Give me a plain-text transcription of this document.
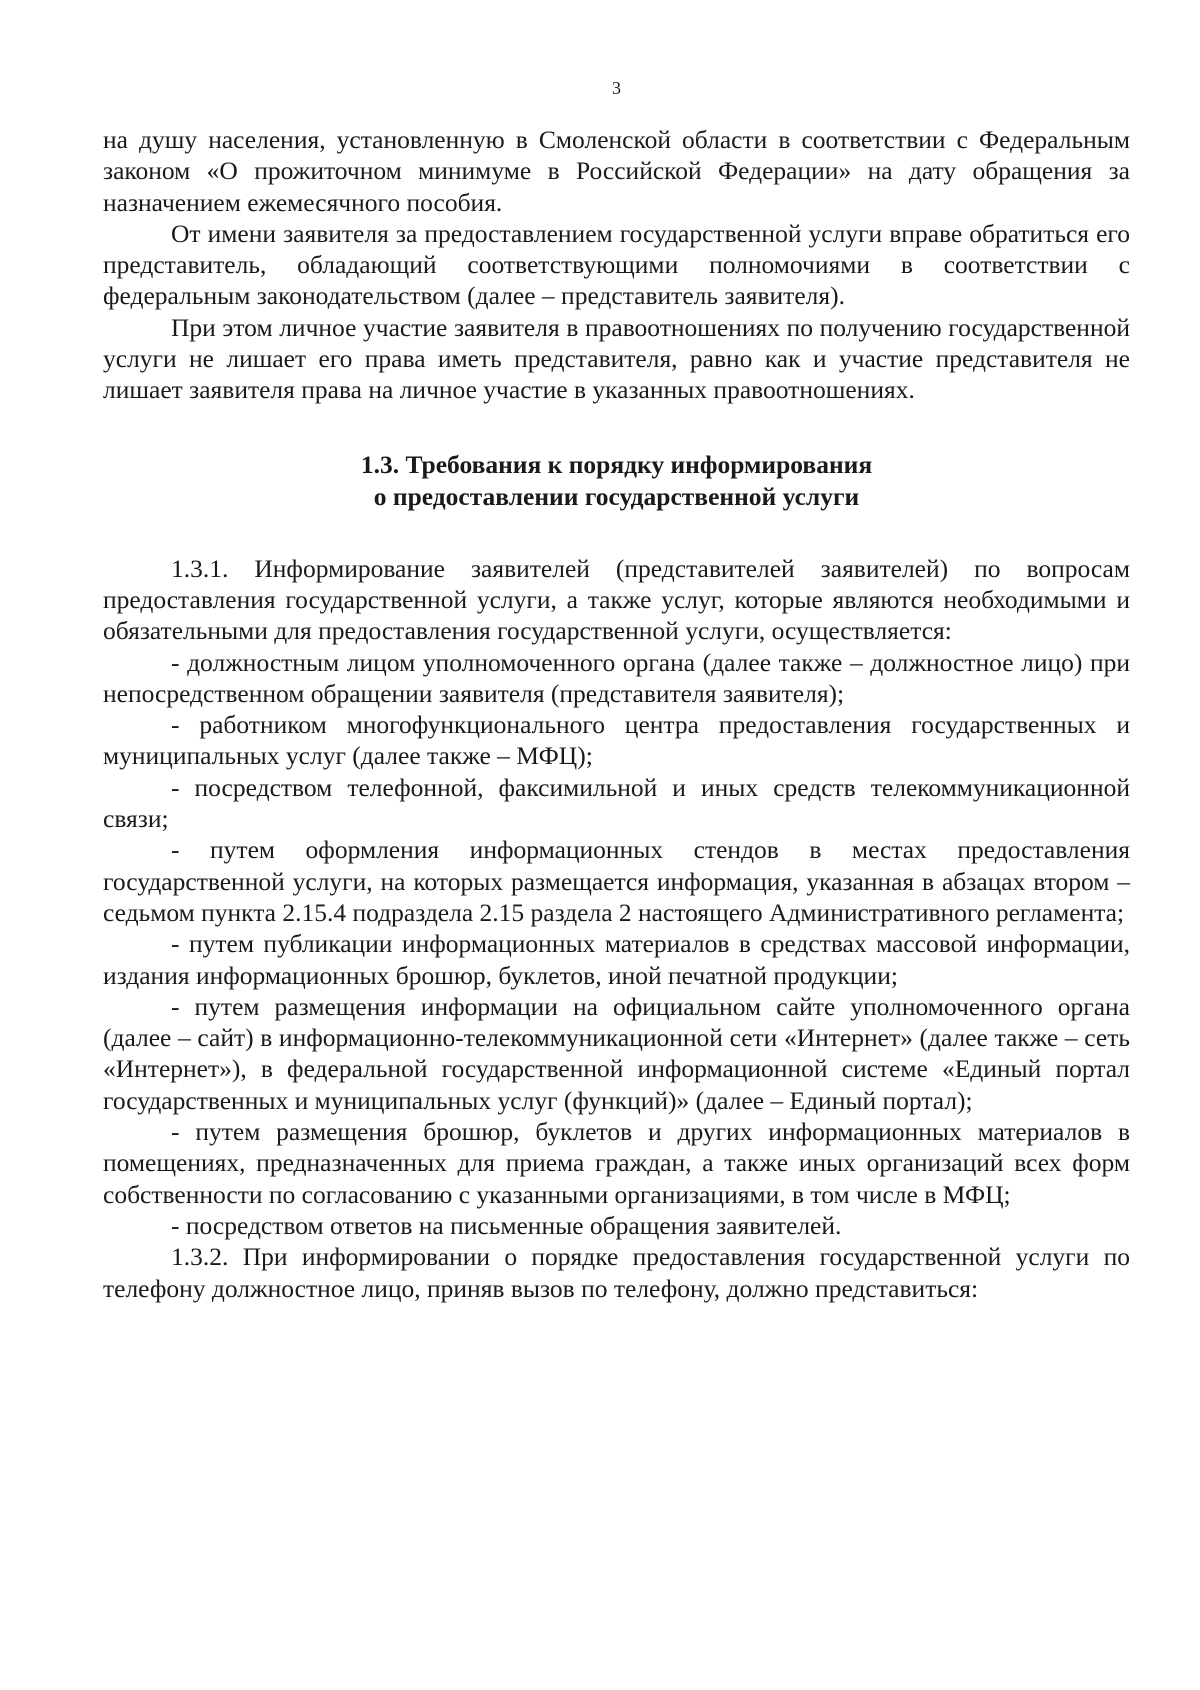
3

на душу населения, установленную в Смоленской области в соответствии с Федеральным законом «О прожиточном минимуме в Российской Федерации» на дату обращения за назначением ежемесячного пособия.

От имени заявителя за предоставлением государственной услуги вправе обратиться его представитель, обладающий соответствующими полномочиями в соответствии с федеральным законодательством (далее – представитель заявителя).

При этом личное участие заявителя в правоотношениях по получению государственной услуги не лишает его права иметь представителя, равно как и участие представителя не лишает заявителя права на личное участие в указанных правоотношениях.

1.3. Требования к порядку информирования
о предоставлении государственной услуги

1.3.1. Информирование заявителей (представителей заявителей) по вопросам предоставления государственной услуги, а также услуг, которые являются необходимыми и обязательными для предоставления государственной услуги, осуществляется:

- должностным лицом уполномоченного органа (далее также – должностное лицо) при непосредственном обращении заявителя (представителя заявителя);

- работником многофункционального центра предоставления государственных и муниципальных услуг (далее также – МФЦ);

- посредством телефонной, факсимильной и иных средств телекоммуникационной связи;

- путем оформления информационных стендов в местах предоставления государственной услуги, на которых размещается информация, указанная в абзацах втором – седьмом пункта 2.15.4 подраздела 2.15 раздела 2 настоящего Административного регламента;

- путем публикации информационных материалов в средствах массовой информации, издания информационных брошюр, буклетов, иной печатной продукции;

- путем размещения информации на официальном сайте уполномоченного органа (далее – сайт) в информационно-телекоммуникационной сети «Интернет» (далее также – сеть «Интернет»), в федеральной государственной информационной системе «Единый портал государственных и муниципальных услуг (функций)» (далее – Единый портал);

- путем размещения брошюр, буклетов и других информационных материалов в помещениях, предназначенных для приема граждан, а также иных организаций всех форм собственности по согласованию с указанными организациями, в том числе в МФЦ;

- посредством ответов на письменные обращения заявителей.

1.3.2. При информировании о порядке предоставления государственной услуги по телефону должностное лицо, приняв вызов по телефону, должно представиться:
